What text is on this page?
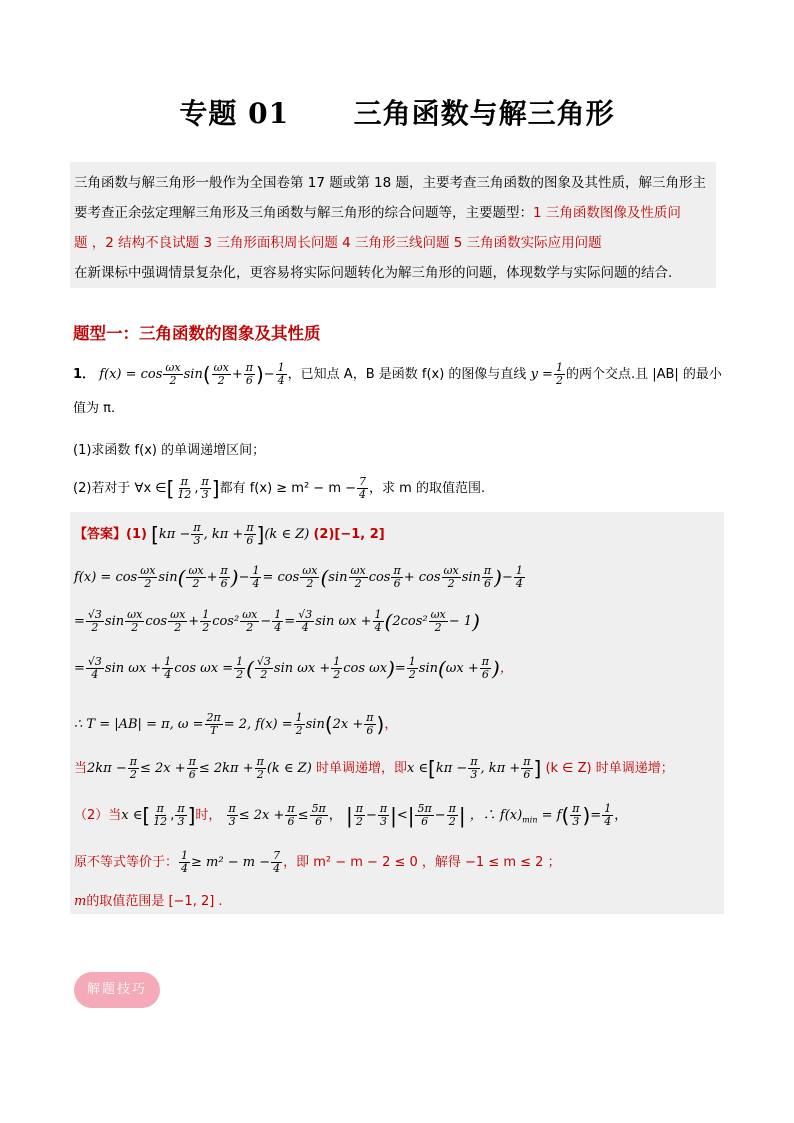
专题 01      三角函数与解三角形
三角函数与解三角形一般作为全国卷第 17 题或第 18 题，主要考查三角函数的图象及其性质，解三角形主
要考查正余弦定理解三角形及三角函数与解三角形的综合问题等，主要题型：1 三角函数图像及性质问
题 ，2 结构不良试题 3 三角形面积周长问题 4 三角形三线问题 5 三角函数实际应用问题
在新课标中强调情景复杂化，更容易将实际问题转化为解三角形的问题，体现数学与实际问题的结合.
题型一：三角函数的图象及其性质
1． $f(x) = \cos \frac{\omega x}{2} \sin( \frac{\omega x}{2} + \frac{\pi}{6}$ )− $\frac{1}{4}$ ，已知点 A，B 是函数 f(x) 的图像与直线 $y = \frac{1}{2}$ 的两个交点.且 |AB| 的最小
值为 π.
(1)求函数 f(x) 的单调递增区间；
(2)若对于 ∀x ∈[ $\frac{\pi}{12}$ , $\frac{\pi}{3}$ ]都有 $f(x) \ge m^2 - m - \frac{7}{4}$ ，求 m 的取值范围.
【答案】(1) [$k\pi - \frac{\pi}{3}$ , $k\pi + \frac{\pi}{6} ](k$ ∈ Z) (2)[−1, 2]
$f(x) = \cos \frac{\omega x}{2} \sin( \frac{\omega x}{2} + \frac{\pi}{6}$ )− $\frac{1}{4} = \cos \frac{\omega x}{2} (\sin \frac{\omega x}{2}$ $\cos \frac{\pi}{6} + \cos \frac{\omega x}{2}$ $\sin \frac{\pi}{6}$ )− $\frac{1}{4}$
= $\frac{√3}{2}$ $\sin \frac{\omega x}{2}$ $\cos \frac{\omega x}{2} + \frac{1}{2} \cos^2 \frac{\omega x}{2} - \frac{1}{4} = \frac{√3}{4}$ $\sin \omega x + \frac{1}{4} (2\cos^2 \frac{\omega x}{2} - 1)$
= $\frac{√3}{4}$ $\sin \omega x + \frac{1}{4}$ $\cos \omega x = \frac{1}{2}$ ( $\frac{√3}{2}$ $\sin \omega x + \frac{1}{2}$ $\cos \omega x)= \frac{1}{2} \sin(\omega x + \frac{\pi}{6}$ )，
∴ T = |AB| = π, $\omega = \frac{2\pi}{T} = 2$, $f(x) = \frac{1}{2} \sin(2x + \frac{\pi}{6}$ )，
当$2k\pi - \frac{\pi}{2} \le 2x + \frac{\pi}{6} \le 2k\pi + \frac{\pi}{2} (k$ ∈ Z) 时单调递增，即x ∈[kπ − $\frac{\pi}{3}$ , $k\pi + \frac{\pi}{6}$ ] (k ∈ Z) 时单调递增；
（2）当x ∈[ $\frac{\pi}{12}$ , $\frac{\pi}{3}$ ]时， $\frac{\pi}{3} \le 2x + \frac{\pi}{6} \le \frac{5\pi}{6}$ ， | $\frac{\pi}{2} - \frac{\pi}{3}$ |<| $\frac{5\pi}{6} - \frac{\pi}{2}$ | ，∴ $f(x)_{min} = f( \frac{\pi}{3}$ )= $\frac{1}{4}$ ，
原不等式等价于： $\frac{1}{4} \ge m^2 - m - \frac{7}{4}$ ，即 m² − m − 2 ≤ 0 ，解得 −1 ≤ m ≤ 2 ；
m的取值范围是 [−1, 2] .
解题技巧
